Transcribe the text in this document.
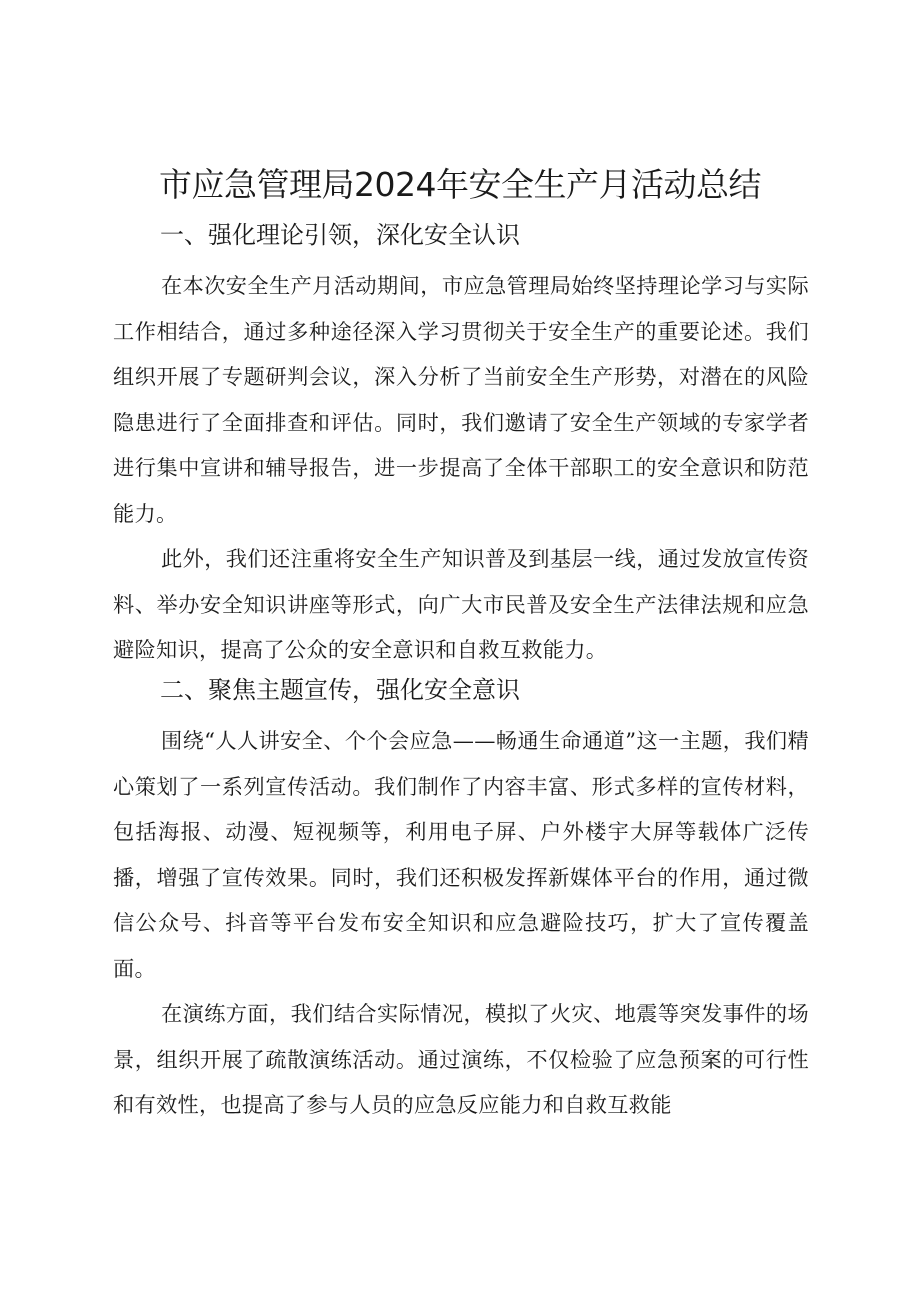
市应急管理局2024年安全生产月活动总结
一、强化理论引领，深化安全认识

在本次安全生产月活动期间，市应急管理局始终坚持理论学习与实际工作相结合，通过多种途径深入学习贯彻关于安全生产的重要论述。我们组织开展了专题研判会议，深入分析了当前安全生产形势，对潜在的风险隐患进行了全面排查和评估。同时，我们邀请了安全生产领域的专家学者进行集中宣讲和辅导报告，进一步提高了全体干部职工的安全意识和防范能力。

此外，我们还注重将安全生产知识普及到基层一线，通过发放宣传资料、举办安全知识讲座等形式，向广大市民普及安全生产法律法规和应急避险知识，提高了公众的安全意识和自救互救能力。

二、聚焦主题宣传，强化安全意识

围绕“人人讲安全、个个会应急——畅通生命通道”这一主题，我们精心策划了一系列宣传活动。我们制作了内容丰富、形式多样的宣传材料，包括海报、动漫、短视频等，利用电子屏、户外楼宇大屏等载体广泛传播，增强了宣传效果。同时，我们还积极发挥新媒体平台的作用，通过微信公众号、抖音等平台发布安全知识和应急避险技巧，扩大了宣传覆盖面。

在演练方面，我们结合实际情况，模拟了火灾、地震等突发事件的场景，组织开展了疏散演练活动。通过演练，不仅检验了应急预案的可行性和有效性，也提高了参与人员的应急反应能力和自救互救能
